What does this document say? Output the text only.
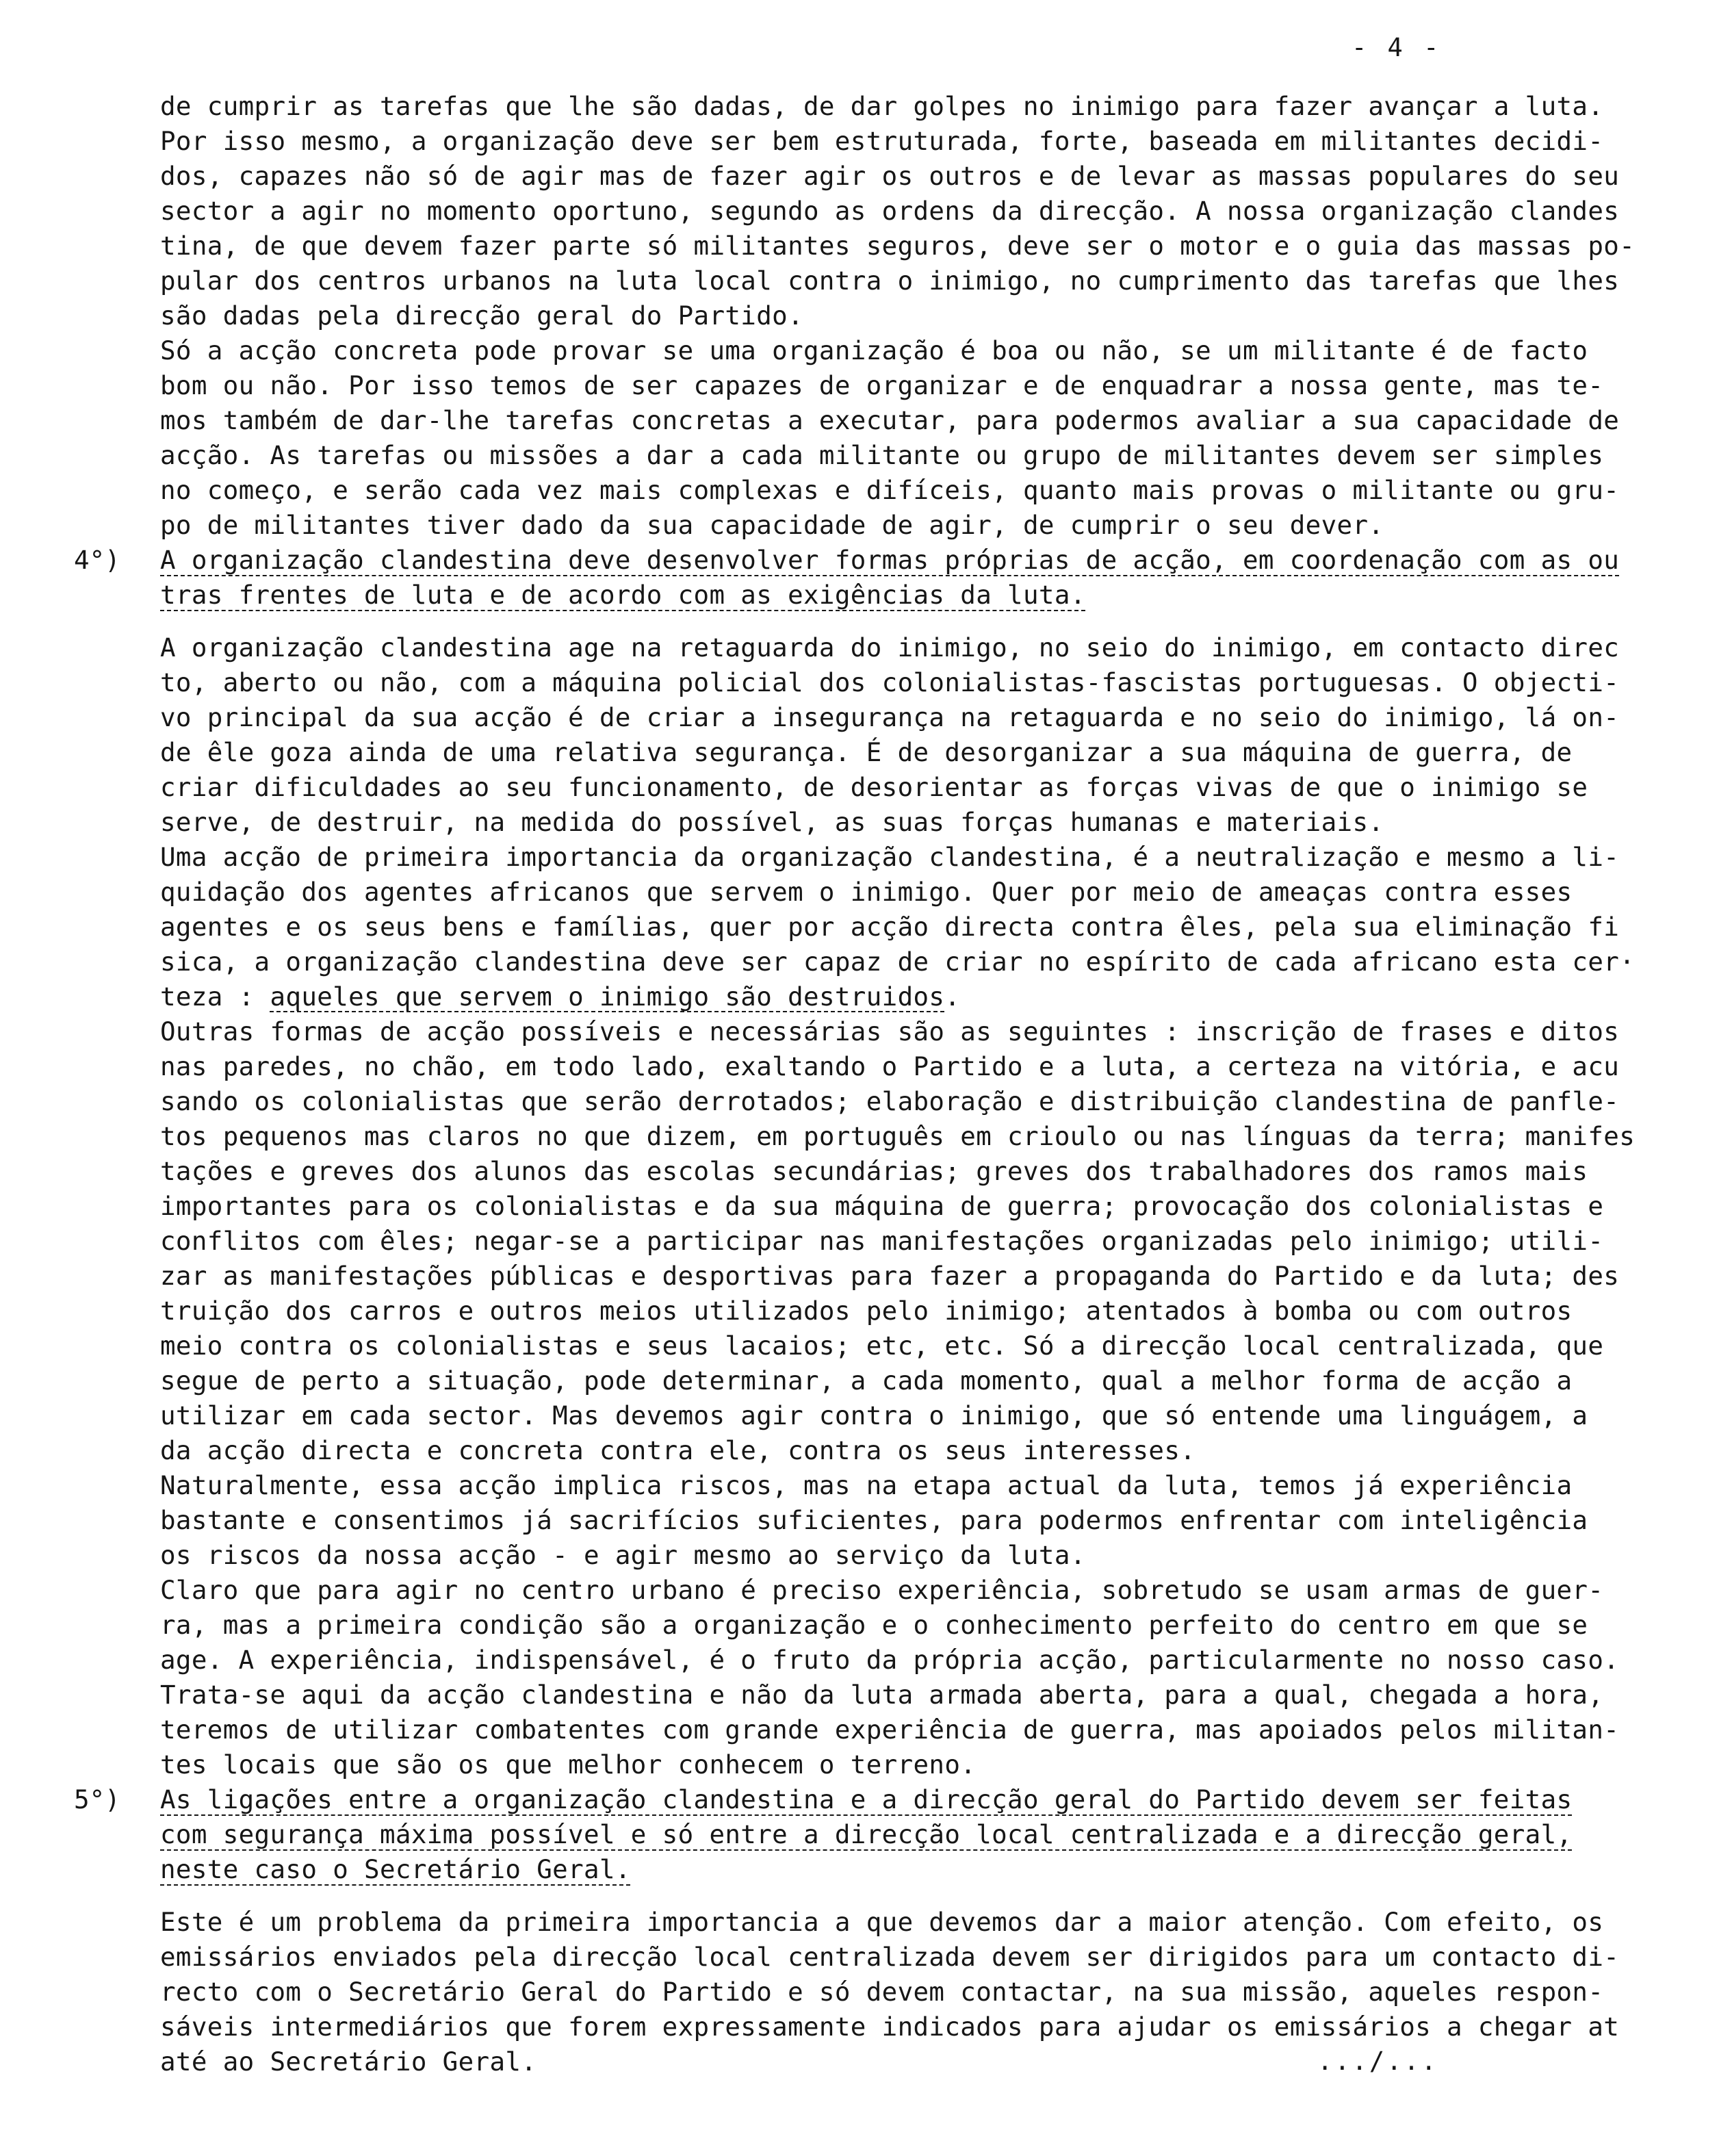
- 4 -
de cumprir as tarefas que lhe são dadas, de dar golpes no inimigo para fazer avançar a luta.
Por isso mesmo, a organização deve ser bem estruturada, forte, baseada em militantes decidi-
dos, capazes não só de agir mas de fazer agir os outros e de levar as massas populares do seu
sector a agir no momento oportuno, segundo as ordens da direcção. A nossa organização clandes
tina, de que devem fazer parte só militantes seguros, deve ser o motor e o guia das massas po-
pular dos centros urbanos na luta local contra o inimigo, no cumprimento das tarefas que lhes
são dadas pela direcção geral do Partido.
Só a acção concreta pode provar se uma organização é boa ou não, se um militante é de facto
bom ou não. Por isso temos de ser capazes de organizar e de enquadrar a nossa gente, mas te-
mos também de dar-lhe tarefas concretas a executar, para podermos avaliar a sua capacidade de
acção. As tarefas ou missões a dar a cada militante ou grupo de militantes devem ser simples
no começo, e serão cada vez mais complexas e difíceis, quanto mais provas o militante ou gru-
po de militantes tiver dado da sua capacidade de agir, de cumprir o seu dever.
4°)	A organização clandestina deve desenvolver formas próprias de acção, em coordenação com as ou
tras frentes de luta e de acordo com as exigências da luta.
A organização clandestina age na retaguarda do inimigo, no seio do inimigo, em contacto direc
to, aberto ou não, com a máquina policial dos colonialistas-fascistas portuguesas. O objecti-
vo principal da sua acção é de criar a insegurança na retaguarda e no seio do inimigo, lá on-
de êle goza ainda de uma relativa segurança. É de desorganizar a sua máquina de guerra, de
criar dificuldades ao seu funcionamento, de desorientar as forças vivas de que o inimigo se
serve, de destruir, na medida do possível, as suas forças humanas e materiais.
Uma acção de primeira importancia da organização clandestina, é a neutralização e mesmo a li-
quidação dos agentes africanos que servem o inimigo. Quer por meio de ameaças contra esses
agentes e os seus bens e famílias, quer por acção directa contra êles, pela sua eliminação fi
sica, a organização clandestina deve ser capaz de criar no espírito de cada africano esta cer·
teza : aqueles que servem o inimigo são destruidos.
Outras formas de acção possíveis e necessárias são as seguintes : inscrição de frases e ditos
nas paredes, no chão, em todo lado, exaltando o Partido e a luta, a certeza na vitória, e acu
sando os colonialistas que serão derrotados; elaboração e distribuição clandestina de panfle-
tos pequenos mas claros no que dizem, em português em crioulo ou nas línguas da terra; manifes
tações e greves dos alunos das escolas secundárias; greves dos trabalhadores dos ramos mais
importantes para os colonialistas e da sua máquina de guerra; provocação dos colonialistas e
conflitos com êles; negar-se a participar nas manifestações organizadas pelo inimigo; utili-
zar as manifestações públicas e desportivas para fazer a propaganda do Partido e da luta; des
truição dos carros e outros meios utilizados pelo inimigo; atentados à bomba ou com outros
meio contra os colonialistas e seus lacaios; etc, etc. Só a direcção local centralizada, que
segue de perto a situação, pode determinar, a cada momento, qual a melhor forma de acção a
utilizar em cada sector. Mas devemos agir contra o inimigo, que só entende uma linguágem, a
da acção directa e concreta contra ele, contra os seus interesses.
Naturalmente, essa acção implica riscos, mas na etapa actual da luta, temos já experiência
bastante e consentimos já sacrifícios suficientes, para podermos enfrentar com inteligência
os riscos da nossa acção - e agir mesmo ao serviço da luta.
Claro que para agir no centro urbano é preciso experiência, sobretudo se usam armas de guer-
ra, mas a primeira condição são a organização e o conhecimento perfeito do centro em que se
age. A experiência, indispensável, é o fruto da própria acção, particularmente no nosso caso.
Trata-se aqui da acção clandestina e não da luta armada aberta, para a qual, chegada a hora,
teremos de utilizar combatentes com grande experiência de guerra, mas apoiados pelos militan-
tes locais que são os que melhor conhecem o terreno.
5°)	As ligações entre a organização clandestina e a direcção geral do Partido devem ser feitas
com segurança máxima possível e só entre a direcção local centralizada e a direcção geral,
neste caso o Secretário Geral.
Este é um problema da primeira importancia a que devemos dar a maior atenção. Com efeito, os
emissários enviados pela direcção local centralizada devem ser dirigidos para um contacto di-
recto com o Secretário Geral do Partido e só devem contactar, na sua missão, aqueles respon-
sáveis intermediários que forem expressamente indicados para ajudar os emissários a chegar at
até ao Secretário Geral.	.../...
